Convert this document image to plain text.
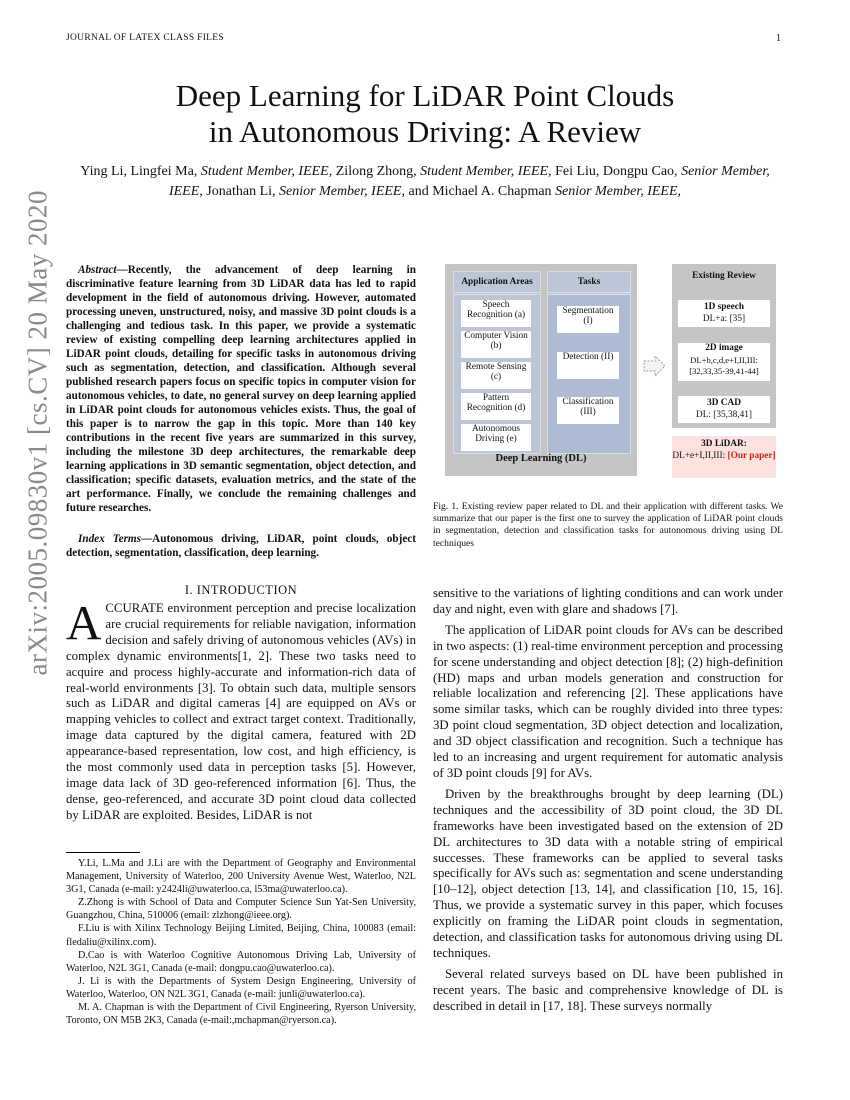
JOURNAL OF LATEX CLASS FILES	1
arXiv:2005.09830v1 [cs.CV] 20 May 2020
Deep Learning for LiDAR Point Clouds
in Autonomous Driving: A Review
Ying Li, Lingfei Ma, Student Member, IEEE, Zilong Zhong, Student Member, IEEE, Fei Liu, Dongpu Cao, Senior Member, IEEE, Jonathan Li, Senior Member, IEEE, and Michael A. Chapman Senior Member, IEEE,

Abstract—Recently, the advancement of deep learning in discriminative feature learning from 3D LiDAR data has led to rapid development in the field of autonomous driving. However, automated processing uneven, unstructured, noisy, and massive 3D point clouds is a challenging and tedious task. In this paper, we provide a systematic review of existing compelling deep learning architectures applied in LiDAR point clouds, detailing for specific tasks in autonomous driving such as segmentation, detection, and classification. Although several published research papers focus on specific topics in computer vision for autonomous vehicles, to date, no general survey on deep learning applied in LiDAR point clouds for autonomous vehicles exists. Thus, the goal of this paper is to narrow the gap in this topic. More than 140 key contributions in the recent five years are summarized in this survey, including the milestone 3D deep architectures, the remarkable deep learning applications in 3D semantic segmentation, object detection, and classification; specific datasets, evaluation metrics, and the state of the art performance. Finally, we conclude the remaining challenges and future researches.

Index Terms—Autonomous driving, LiDAR, point clouds, object detection, segmentation, classification, deep learning.
I. INTRODUCTION
ACCURATE environment perception and precise localization are crucial requirements for reliable navigation, information decision and safely driving of autonomous vehicles (AVs) in complex dynamic environments[1, 2]. These two tasks need to acquire and process highly-accurate and information-rich data of real-world environments [3]. To obtain such data, multiple sensors such as LiDAR and digital cameras [4] are equipped on AVs or mapping vehicles to collect and extract target context. Traditionally, image data captured by the digital camera, featured with 2D appearance-based representation, low cost, and high efficiency, is the most commonly used data in perception tasks [5]. However, image data lack of 3D geo-referenced information [6]. Thus, the dense, geo-referenced, and accurate 3D point cloud data collected by LiDAR are exploited. Besides, LiDAR is not

Y.Li, L.Ma and J.Li are with the Department of Geography and Environmental Management, University of Waterloo, 200 University Avenue West, Waterloo, N2L 3G1, Canada (e-mail: y2424li@uwaterloo.ca, l53ma@uwaterloo.ca).

Z.Zhong is with School of Data and Computer Science Sun Yat-Sen University, Guangzhou, China, 510006 (email: zlzhong@ieee.org).

F.Liu is with Xilinx Technology Beijing Limited, Beijing, China, 100083 (email: fledaliu@xilinx.com).

D.Cao is with Waterloo Cognitive Autonomous Driving Lab, University of Waterloo, N2L 3G1, Canada (e-mail: dongpu.cao@uwaterloo.ca).

J. Li is with the Departments of System Design Engineering, University of Waterloo, Waterloo, ON N2L 3G1, Canada (e-mail: junli@uwaterloo.ca).

M. A. Chapman is with the Department of Civil Engineering, Ryerson University, Toronto, ON M5B 2K3, Canada (e-mail:,mchapman@ryerson.ca).

Application Areas	Tasks
Speech Recognition (a)
Computer Vision (b)
Remote Sensing (c)
Pattern Recognition (d)
Autonomous Driving (e)
Segmentation (I)
Detection (II)
Classification (III)
Deep Learning (DL)
Existing Review
1D speech
DL+a: [35]
2D image
DL+b,c,d,e+I,II,III: [32,33,35-39,41-44]
3D CAD
DL: [35,38,41]
3D LiDAR:
DL+e+I,II,III: [Our paper]
Fig. 1. Existing review paper related to DL and their application with different tasks. We summarize that our paper is the first one to survey the application of LiDAR point clouds in segmentation, detection and classification tasks for autonomous driving using DL techniques

sensitive to the variations of lighting conditions and can work under day and night, even with glare and shadows [7].

The application of LiDAR point clouds for AVs can be described in two aspects: (1) real-time environment perception and processing for scene understanding and object detection [8]; (2) high-definition (HD) maps and urban models generation and construction for reliable localization and referencing [2]. These applications have some similar tasks, which can be roughly divided into three types: 3D point cloud segmentation, 3D object detection and localization, and 3D object classification and recognition. Such a technique has led to an increasing and urgent requirement for automatic analysis of 3D point clouds [9] for AVs.

Driven by the breakthroughs brought by deep learning (DL) techniques and the accessibility of 3D point cloud, the 3D DL frameworks have been investigated based on the extension of 2D DL architectures to 3D data with a notable string of empirical successes. These frameworks can be applied to several tasks specifically for AVs such as: segmentation and scene understanding [10–12], object detection [13, 14], and classification [10, 15, 16]. Thus, we provide a systematic survey in this paper, which focuses explicitly on framing the LiDAR point clouds in segmentation, detection, and classification tasks for autonomous driving using DL techniques.

Several related surveys based on DL have been published in recent years. The basic and comprehensive knowledge of DL is described in detail in [17, 18]. These surveys normally
